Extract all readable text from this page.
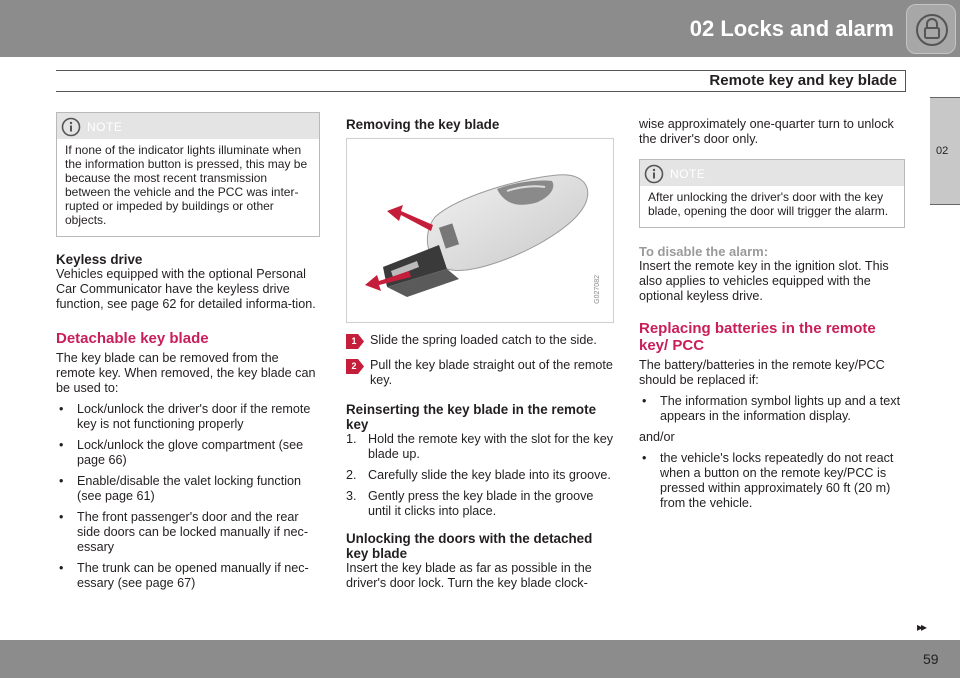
02 Locks and alarm
Remote key and key blade
02
NOTE
If none of the indicator lights illuminate when the information button is pressed, this may be because the most recent transmission between the vehicle and the PCC was inter-rupted or impeded by buildings or other objects.
Keyless drive

Vehicles equipped with the optional Personal Car Communicator have the keyless drive function, see page 62 for detailed informa-tion.

Detachable key blade

The key blade can be removed from the remote key. When removed, the key blade can be used to:

• Lock/unlock the driver's door if the remote key is not functioning properly
• Lock/unlock the glove compartment (see page 66)
• Enable/disable the valet locking function (see page 61)
• The front passenger's door and the rear side doors can be locked manually if nec-essary
• The trunk can be opened manually if nec-essary (see page 67)
Removing the key blade
1
2	G027082
1	Slide the spring loaded catch to the side.
2	Pull the key blade straight out of the remote key.
Reinserting the key blade in the remote key
1. Hold the remote key with the slot for the key blade up.
2. Carefully slide the key blade into its groove.
3. Gently press the key blade in the groove until it clicks into place.
Unlocking the doors with the detached key blade

Insert the key blade as far as possible in the driver's door lock. Turn the key blade clock-

wise approximately one-quarter turn to unlock the driver's door only.

NOTE
After unlocking the driver's door with the key blade, opening the door will trigger the alarm.
To disable the alarm:

Insert the remote key in the ignition slot. This also applies to vehicles equipped with the optional keyless drive.

Replacing batteries in the remote key/ PCC

The battery/batteries in the remote key/PCC should be replaced if:

• The information symbol lights up and a text appears in the information display.

and/or

• the vehicle's locks repeatedly do not react when a button on the remote key/PCC is pressed within approximately 60 ft (20 m) from the vehicle.
▸▸
59
